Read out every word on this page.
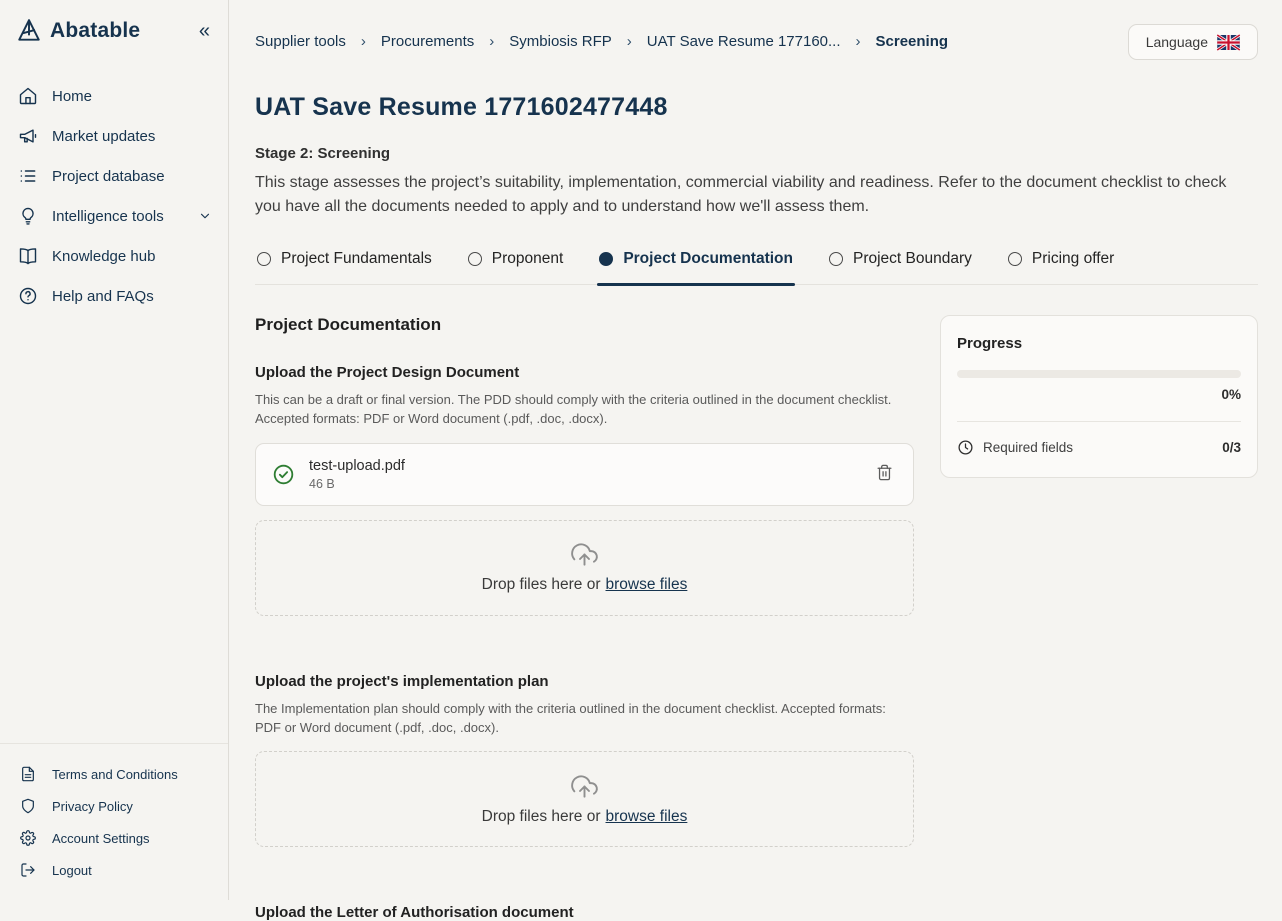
Abatable	«
Home
Market updates
Project database
Intelligence tools
Knowledge hub
Help and FAQs
Terms and Conditions
Privacy Policy
Account Settings
Logout
Supplier tools › Procurements › Symbiosis RFP › UAT Save Resume 177160... › Screening	Language
UAT Save Resume 1771602477448
Stage 2: Screening

This stage assesses the project’s suitability, implementation, commercial viability and readiness. Refer to the document checklist to check you have all the documents needed to apply and to understand how we'll assess them.

Project Fundamentals	Proponent	Project Documentation	Project Boundary	Pricing offer
Project Documentation
Upload the Project Design Document

This can be a draft or final version. The PDD should comply with the criteria outlined in the document checklist. Accepted formats: PDF or Word document (.pdf, .doc, .docx).

test-upload.pdf
46 B
Drop files here or browse files
Upload the project's implementation plan

The Implementation plan should comply with the criteria outlined in the document checklist. Accepted formats: PDF or Word document (.pdf, .doc, .docx).

Drop files here or browse files
Upload the Letter of Authorisation document
Progress
0%
Required fields	0/3
